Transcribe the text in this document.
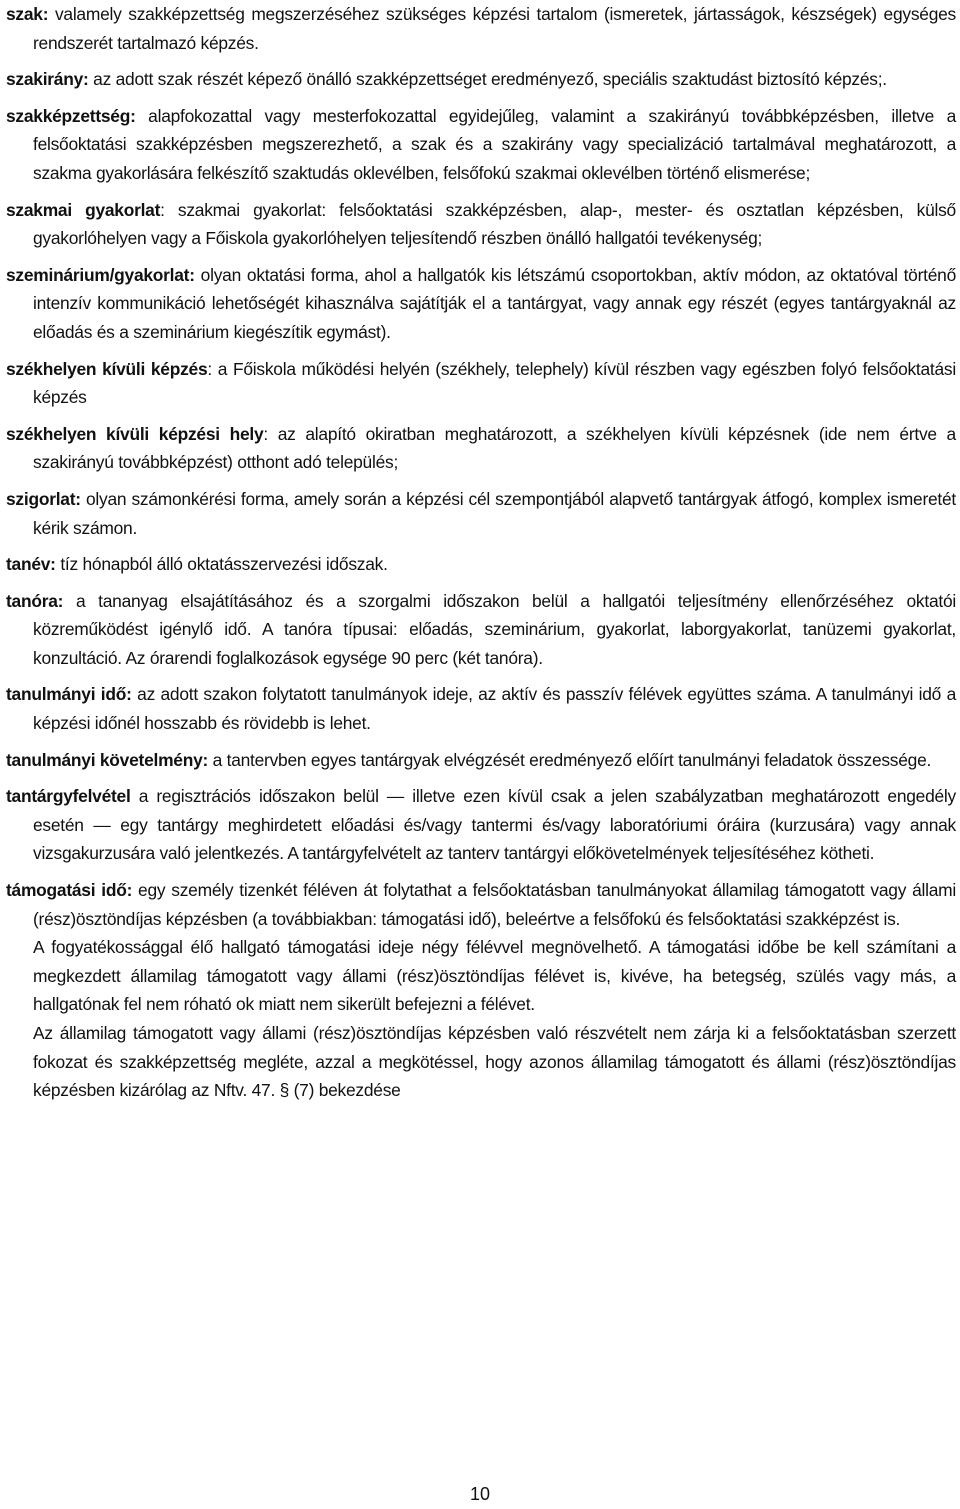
szak: valamely szakképzettség megszerzéséhez szükséges képzési tartalom (ismeretek, jártasságok, készségek) egységes rendszerét tartalmazó képzés.

szakirány: az adott szak részét képező önálló szakképzettséget eredményező, speciális szaktudást biztosító képzés;.

szakképzettség: alapfokozattal vagy mesterfokozattal egyidejűleg, valamint a szakirányú továbbképzésben, illetve a felsőoktatási szakképzésben megszerezhető, a szak és a szakirány vagy specializáció tartalmával meghatározott, a szakma gyakorlására felkészítő szaktudás oklevélben, felsőfokú szakmai oklevélben történő elismerése;

szakmai gyakorlat: szakmai gyakorlat: felsőoktatási szakképzésben, alap-, mester- és osztatlan képzésben, külső gyakorlóhelyen vagy a Főiskola gyakorlóhelyen teljesítendő részben önálló hallgatói tevékenység;

szeminárium/gyakorlat: olyan oktatási forma, ahol a hallgatók kis létszámú csoportokban, aktív módon, az oktatóval történő intenzív kommunikáció lehetőségét kihasználva sajátítják el a tantárgyat, vagy annak egy részét (egyes tantárgyaknál az előadás és a szeminárium kiegészítik egymást).

székhelyen kívüli képzés: a Főiskola működési helyén (székhely, telephely) kívül részben vagy egészben folyó felsőoktatási képzés

székhelyen kívüli képzési hely: az alapító okiratban meghatározott, a székhelyen kívüli képzésnek (ide nem értve a szakirányú továbbképzést) otthont adó település;

szigorlat: olyan számonkérési forma, amely során a képzési cél szempontjából alapvető tantárgyak átfogó, komplex ismeretét kérik számon.

tanév: tíz hónapból álló oktatásszervezési időszak.

tanóra: a tananyag elsajátításához és a szorgalmi időszakon belül a hallgatói teljesítmény ellenőrzéséhez oktatói közreműködést igénylő idő. A tanóra típusai: előadás, szeminárium, gyakorlat, laborgyakorlat, tanüzemi gyakorlat, konzultáció. Az órarendi foglalkozások egysége 90 perc (két tanóra).

tanulmányi idő: az adott szakon folytatott tanulmányok ideje, az aktív és passzív félévek együttes száma. A tanulmányi idő a képzési időnél hosszabb és rövidebb is lehet.

tanulmányi követelmény: a tantervben egyes tantárgyak elvégzését eredményező előírt tanulmányi feladatok összessége.

tantárgyfelvétel a regisztrációs időszakon belül ― illetve ezen kívül csak a jelen szabályzatban meghatározott engedély esetén ― egy tantárgy meghirdetett előadási és/vagy tantermi és/vagy laboratóriumi óráira (kurzusára) vagy annak vizsgakurzusára való jelentkezés. A tantárgyfelvételt az tanterv tantárgyi előkövetelmények teljesítéséhez kötheti.

támogatási idő: egy személy tizenkét féléven át folytathat a felsőoktatásban tanulmányokat államilag támogatott vagy állami (rész)ösztöndíjas képzésben (a továbbiakban: támogatási idő), beleértve a felsőfokú és felsőoktatási szakképzést is.

A fogyatékossággal élő hallgató támogatási ideje négy félévvel megnövelhető. A támogatási időbe be kell számítani a megkezdett államilag támogatott vagy állami (rész)ösztöndíjas félévet is, kivéve, ha betegség, szülés vagy más, a hallgatónak fel nem róható ok miatt nem sikerült befejezni a félévet.

Az államilag támogatott vagy állami (rész)ösztöndíjas képzésben való részvételt nem zárja ki a felsőoktatásban szerzett fokozat és szakképzettség megléte, azzal a megkötéssel, hogy azonos államilag támogatott és állami (rész)ösztöndíjas képzésben kizárólag az Nftv. 47. § (7) bekezdése

10
